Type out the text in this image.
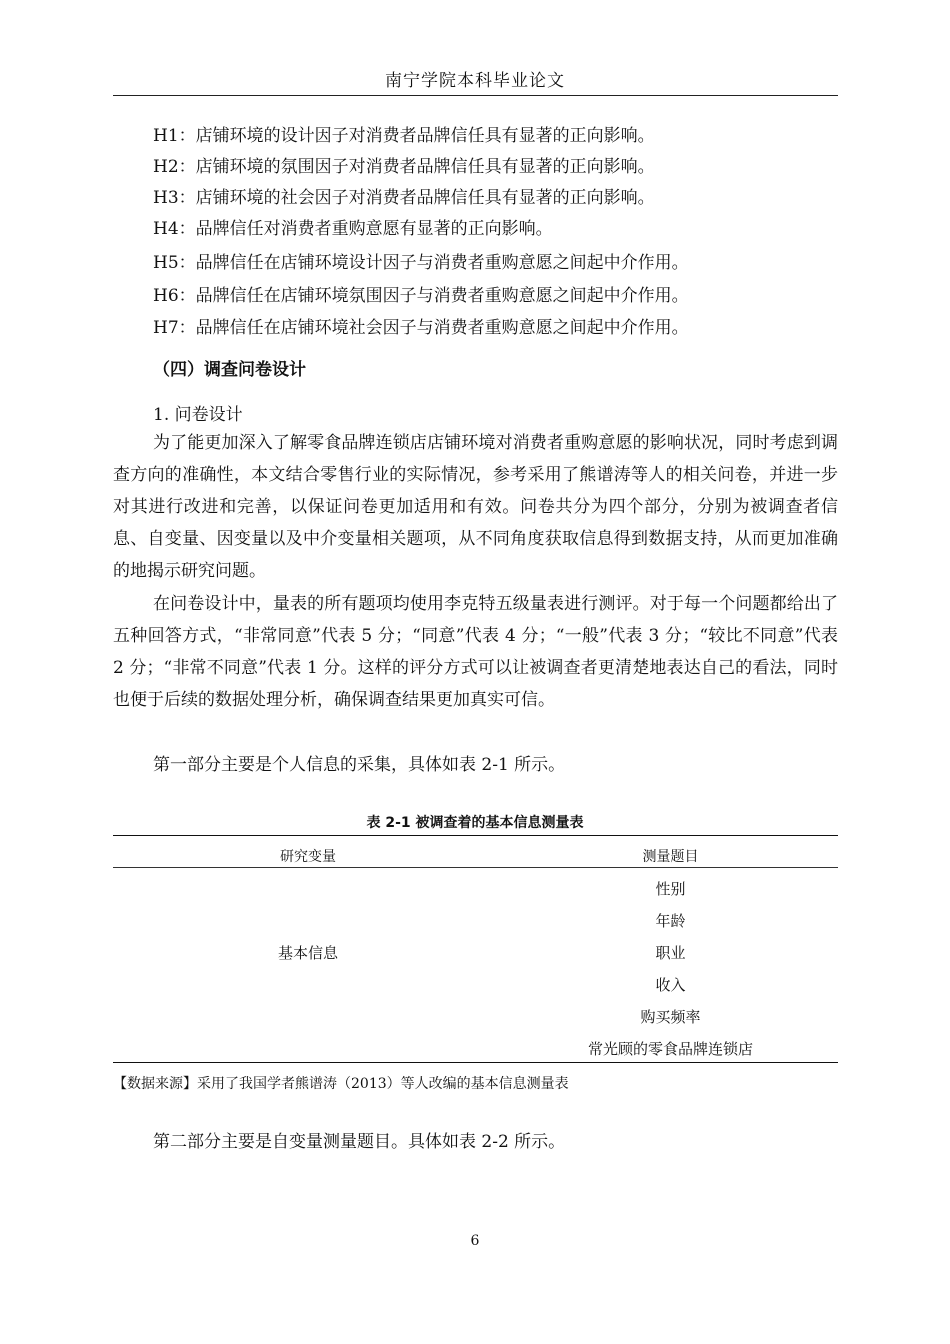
南宁学院本科毕业论文
H1：店铺环境的设计因子对消费者品牌信任具有显著的正向影响。
H2：店铺环境的氛围因子对消费者品牌信任具有显著的正向影响。
H3：店铺环境的社会因子对消费者品牌信任具有显著的正向影响。
H4：品牌信任对消费者重购意愿有显著的正向影响。
H5：品牌信任在店铺环境设计因子与消费者重购意愿之间起中介作用。
H6：品牌信任在店铺环境氛围因子与消费者重购意愿之间起中介作用。
H7：品牌信任在店铺环境社会因子与消费者重购意愿之间起中介作用。
（四）调查问卷设计
1. 问卷设计
为了能更加深入了解零食品牌连锁店店铺环境对消费者重购意愿的影响状况，同时考虑到调查方向的准确性，本文结合零售行业的实际情况，参考采用了熊谱涛等人的相关问卷，并进一步对其进行改进和完善，以保证问卷更加适用和有效。问卷共分为四个部分，分别为被调查者信息、自变量、因变量以及中介变量相关题项，从不同角度获取信息得到数据支持，从而更加准确的地揭示研究问题。
在问卷设计中，量表的所有题项均使用李克特五级量表进行测评。对于每一个问题都给出了五种回答方式，“非常同意”代表 5 分；“同意”代表 4 分；“一般”代表 3 分；“较比不同意”代表 2 分；“非常不同意”代表 1 分。这样的评分方式可以让被调查者更清楚地表达自己的看法，同时也便于后续的数据处理分析，确保调查结果更加真实可信。
第一部分主要是个人信息的采集，具体如表 2-1 所示。
表 2-1 被调查着的基本信息测量表
研究变量	测量题目
基本信息
性别
年龄
职业
收入
购买频率
常光顾的零食品牌连锁店
【数据来源】采用了我国学者熊谱涛（2013）等人改编的基本信息测量表
第二部分主要是自变量测量题目。具体如表 2-2 所示。
6
